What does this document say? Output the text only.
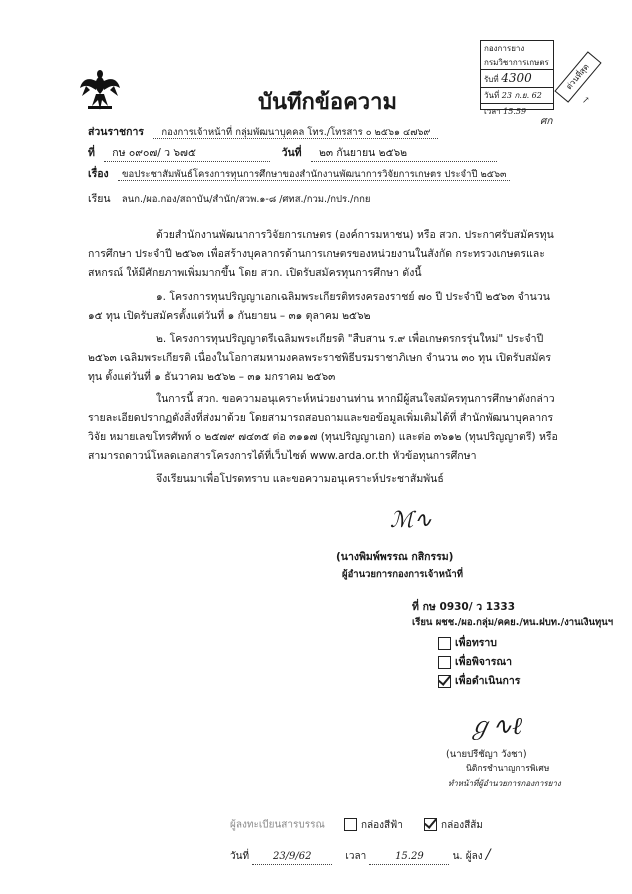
บันทึกข้อความ
กองการยาง
กรมวิชาการเกษตร
รับที่ 4300
วันที่ 23 ก.ย. 62
เวลา 15.59
ด่วนที่สุด
ศก
↗
ส่วนราชการ กองการเจ้าหน้าที่ กลุ่มพัฒนาบุคคล โทร./โทรสาร ๐ ๒๕๖๑ ๔๗๖๙
ที่ กษ ๐๙๐๗/ ว ๖๗๕	วันที่ ๒๓ กันยายน ๒๕๖๒
เรื่อง ขอประชาสัมพันธ์โครงการทุนการศึกษาของสำนักงานพัฒนาการวิจัยการเกษตร ประจำปี ๒๕๖๓
เรียน ลนก./ผอ.กอง/สถาบัน/สำนัก/สวพ.๑-๘ /ศทส./กวม./กปร./กกย
ด้วยสำนักงานพัฒนาการวิจัยการเกษตร (องค์การมหาชน) หรือ สวก. ประกาศรับสมัครทุนการศึกษา ประจำปี ๒๕๖๓ เพื่อสร้างบุคลากรด้านการเกษตรของหน่วยงานในสังกัด กระทรวงเกษตรและสหกรณ์ ให้มีศักยภาพเพิ่มมากขึ้น โดย สวก. เปิดรับสมัครทุนการศึกษา ดังนี้
๑. โครงการทุนปริญญาเอกเฉลิมพระเกียรติทรงครองราชย์ ๗๐ ปี ประจำปี ๒๕๖๓ จำนวน ๑๕ ทุน เปิดรับสมัครตั้งแต่วันที่ ๑ กันยายน – ๓๑ ตุลาคม ๒๕๖๒
๒. โครงการทุนปริญญาตรีเฉลิมพระเกียรติ "สืบสาน ร.๙ เพื่อเกษตรกรรุ่นใหม่" ประจำปี ๒๕๖๓ เฉลิมพระเกียรติ เนื่องในโอกาสมหามงคลพระราชพิธีบรมราชาภิเษก จำนวน ๓๐ ทุน เปิดรับสมัครทุน ตั้งแต่วันที่ ๑ ธันวาคม ๒๕๖๒ – ๓๑ มกราคม ๒๕๖๓
ในการนี้ สวก. ขอความอนุเคราะห์หน่วยงานท่าน หากมีผู้สนใจสมัครทุนการศึกษาดังกล่าว รายละเอียดปรากฏดังสิ่งที่ส่งมาด้วย โดยสามารถสอบถามและขอข้อมูลเพิ่มเติมได้ที่ สำนักพัฒนาบุคลากรวิจัย หมายเลขโทรศัพท์ ๐ ๒๕๗๙ ๗๔๓๕ ต่อ ๓๑๑๗ (ทุนปริญญาเอก) และต่อ ๓๖๑๒ (ทุนปริญญาตรี) หรือ สามารถดาวน์โหลดเอกสารโครงการได้ที่เว็บไซต์ www.arda.or.th หัวข้อทุนการศึกษา
จึงเรียนมาเพื่อโปรดทราบ และขอความอนุเคราะห์ประชาสัมพันธ์
ℳ∿
(นางพิมพ์พรรณ กสิกรรม)
ผู้อำนวยการกองการเจ้าหน้าที่
ที่ กษ 0930/ ว 1333
เรียน ผชช./ผอ.กลุ่ม/คคย./หน.ฝบท./งานเงินทุนฯ
เพื่อทราบ
เพื่อพิจารณา
เพื่อดำเนินการ
ℊ∿ℓ
(นายปรีชัญา วังชา)
นิติกรชำนาญการพิเศษ
ทำหน้าที่ผู้อำนวยการกองการยาง
ผู้ลงทะเบียนสารบรรณ	กล่องสีฟ้า	กล่องสีส้ม
วันที่ 23/9/62	เวลา	15.29	น. ผู้ลง /
